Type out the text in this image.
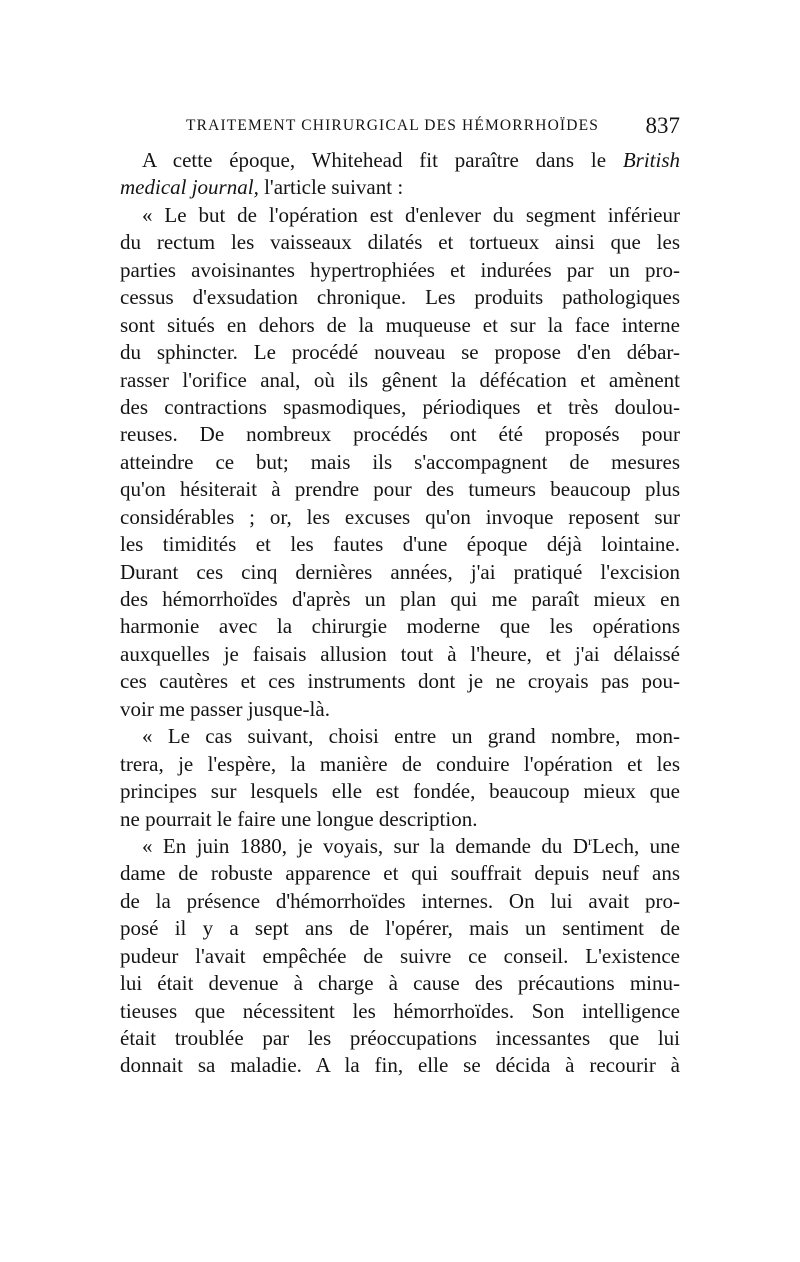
TRAITEMENT CHIRURGICAL DES HÉMORRHOÏDES 837
A cette époque, Whitehead fit paraître dans le British
medical journal, l'article suivant :
« Le but de l'opération est d'enlever du segment inférieur
du rectum les vaisseaux dilatés et tortueux ainsi que les
parties avoisinantes hypertrophiées et indurées par un pro-
cessus d'exsudation chronique. Les produits pathologiques
sont situés en dehors de la muqueuse et sur la face interne
du sphincter. Le procédé nouveau se propose d'en débar-
rasser l'orifice anal, où ils gênent la défécation et amènent
des contractions spasmodiques, périodiques et très doulou-
reuses. De nombreux procédés ont été proposés pour
atteindre ce but; mais ils s'accompagnent de mesures
qu'on hésiterait à prendre pour des tumeurs beaucoup plus
considérables ; or, les excuses qu'on invoque reposent sur
les timidités et les fautes d'une époque déjà lointaine.
Durant ces cinq dernières années, j'ai pratiqué l'excision
des hémorrhoïdes d'après un plan qui me paraît mieux en
harmonie avec la chirurgie moderne que les opérations
auxquelles je faisais allusion tout à l'heure, et j'ai délaissé
ces cautères et ces instruments dont je ne croyais pas pou-
voir me passer jusque-là.
« Le cas suivant, choisi entre un grand nombre, mon-
trera, je l'espère, la manière de conduire l'opération et les
principes sur lesquels elle est fondée, beaucoup mieux que
ne pourrait le faire une longue description.
« En juin 1880, je voyais, sur la demande du $D^rLech$, une
dame de robuste apparence et qui souffrait depuis neuf ans
de la présence d'hémorrhoïdes internes. On lui avait pro-
posé il y a sept ans de l'opérer, mais un sentiment de
pudeur l'avait empêchée de suivre ce conseil. L'existence
lui était devenue à charge à cause des précautions minu-
tieuses que nécessitent les hémorrhoïdes. Son intelligence
était troublée par les préoccupations incessantes que lui
donnait sa maladie. A la fin, elle se décida à recourir à
